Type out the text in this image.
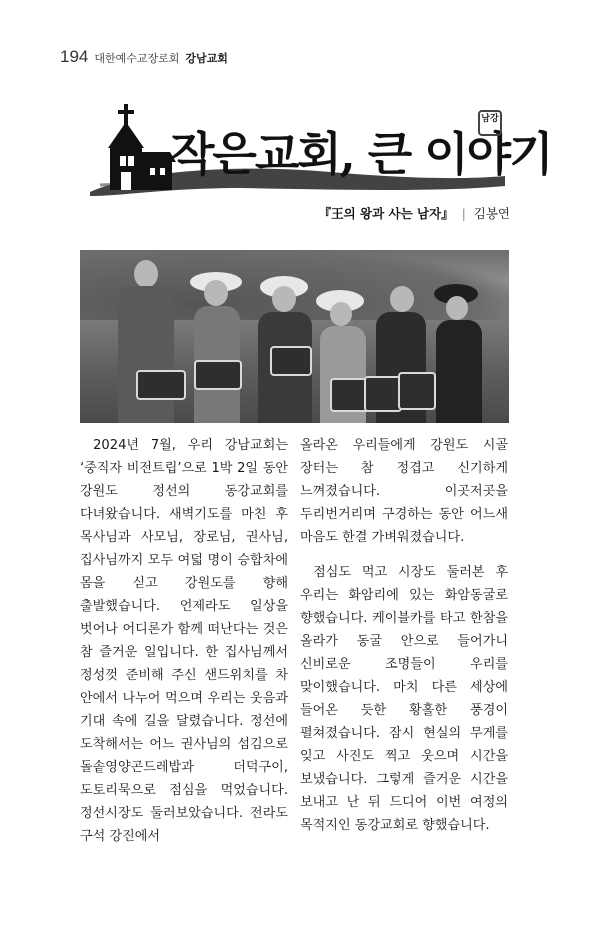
194 대한예수교장로회 강남교회
작은교회, 큰 이야기
남강
『王의 왕과 사는 남자』 | 김봉연

2024년 7월, 우리 강남교회는 ‘중직자 비전트립’으로 1박 2일 동안 강원도 정선의 동강교회를 다녀왔습니다. 새벽기도를 마친 후 목사님과 사모님, 장로님, 권사님, 집사님까지 모두 여덟 명이 승합차에 몸을 싣고 강원도를 향해 출발했습니다. 언제라도 일상을 벗어나 어디론가 함께 떠난다는 것은 참 즐거운 일입니다. 한 집사님께서 정성껏 준비해 주신 샌드위치를 차 안에서 나누어 먹으며 우리는 웃음과 기대 속에 길을 달렸습니다. 정선에 도착해서는 어느 권사님의 섬김으로 돌솥영양곤드레밥과 더덕구이, 도토리묵으로 점심을 먹었습니다. 정선시장도 둘러보았습니다. 전라도 구석 강진에서

올라온 우리들에게 강원도 시골 장터는 참 정겹고 신기하게 느껴졌습니다. 이곳저곳을 두리번거리며 구경하는 동안 어느새 마음도 한결 가벼워졌습니다.

점심도 먹고 시장도 둘러본 후 우리는 화암리에 있는 화암동굴로 향했습니다. 케이블카를 타고 한참을 올라가 동굴 안으로 들어가니 신비로운 조명들이 우리를 맞이했습니다. 마치 다른 세상에 들어온 듯한 황홀한 풍경이 펼쳐졌습니다. 잠시 현실의 무게를 잊고 사진도 찍고 웃으며 시간을 보냈습니다. 그렇게 즐거운 시간을 보내고 난 뒤 드디어 이번 여정의 목적지인 동강교회로 향했습니다.
